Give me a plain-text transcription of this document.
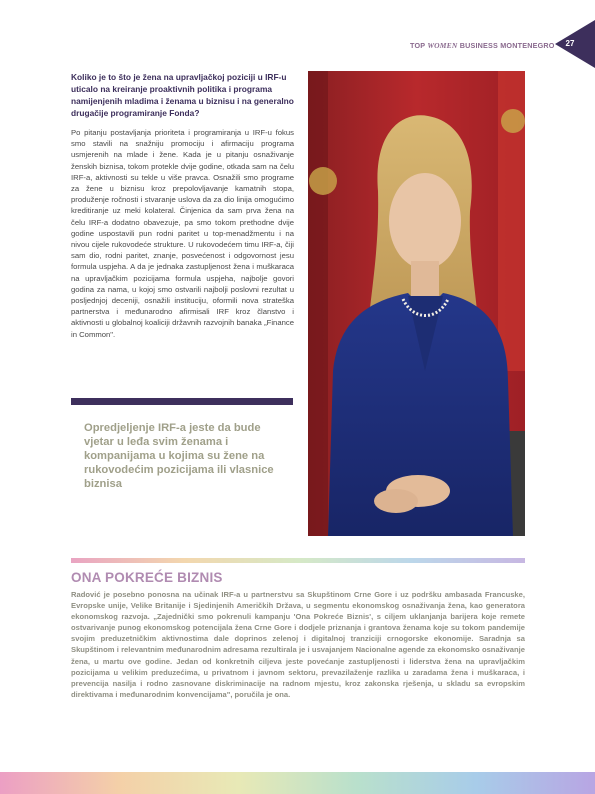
TOP WOMEN BUSINESS MONTENEGRO	27
Koliko je to što je žena na upravljačkoj poziciji u IRF-u uticalo na kreiranje proaktivnih politika i programa namijenjenih mladima i ženama u biznisu i na generalno drugačije programiranje Fonda?
Po pitanju postavljanja prioriteta i programiranja u IRF-u fokus smo stavili na snažniju promociju i afirmaciju programa usmjerenih na mlade i žene. Kada je u pitanju osnaživanje ženskih biznisa, tokom protekle dvije godine, otkada sam na čelu IRF-a, aktivnosti su tekle u više pravca. Osnažili smo programe za žene u biznisu kroz prepolovljavanje kamatnih stopa, produženje ročnosti i stvaranje uslova da za dio linija omogućimo kreditiranje uz meki kolateral. Činjenica da sam prva žena na čelu IRF-a dodatno obavezuje, pa smo tokom prethodne dvije godine uspostavili pun rodni paritet u top-menadžmentu i na nivou cijele rukovodeće strukture. U rukovodećem timu IRF-a, čiji sam dio, rodni paritet, znanje, posvećenost i odgovornost jesu formula uspjeha. A da je jednaka zastupljenost žena i muškaraca na upravljačkim pozicijama formula uspjeha, najbolje govori godina za nama, u kojoj smo ostvarili najbolji poslovni rezultat u posljednjoj deceniji, osnažili instituciju, oformili nova strateška partnerstva i međunarodno afirmisali IRF kroz članstvo i aktivnosti u globalnoj koaliciji državnih razvojnih banaka „Finance in Common".
Opredjeljenje IRF-a jeste da bude vjetar u leđa svim ženama i kompanijama u kojima su žene na rukovodećim pozicijama ili vlasnice biznisa
ONA POKREĆE BIZNIS
Radović je posebno ponosna na učinak IRF-a u partnerstvu sa Skupštinom Crne Gore i uz podršku ambasada Francuske, Evropske unije, Velike Britanije i Sjedinjenih Američkih Država, u segmentu ekonomskog osnaživanja žena, kao generatora ekonomskog razvoja. „Zajednički smo pokrenuli kampanju 'Ona Pokreće Biznis', s ciljem uklanjanja barijera koje remete ostvarivanje punog ekonomskog potencijala žena Crne Gore i dodjele priznanja i grantova ženama koje su tokom pandemije svojim preduzetničkim aktivnostima dale doprinos zelenoj i digitalnoj tranziciji crnogorske ekonomije. Saradnja sa Skupštinom i relevantnim međunarodnim adresama rezultirala je i usvajanjem Nacionalne agende za ekonomsko osnaživanje žena, u martu ove godine. Jedan od konkretnih ciljeva jeste povećanje zastupljenosti i liderstva žena na upravljačkim pozicijama u velikim preduzećima, u privatnom i javnom sektoru, prevazilaženje razlika u zaradama žena i muškaraca, i prevencija nasilja i rodno zasnovane diskriminacije na radnom mjestu, kroz zakonska rješenja, u skladu sa evropskim direktivama i međunarodnim konvencijama", poručila je ona.
